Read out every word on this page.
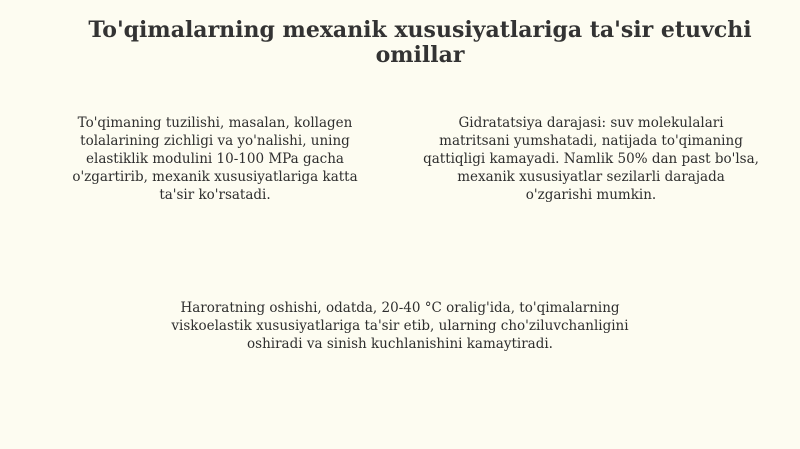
To'qimalarning mexanik xususiyatlariga ta'sir etuvchi omillar

To'qimaning tuzilishi, masalan, kollagen tolalarining zichligi va yo'nalishi, uning elastiklik modulini 10-100 MPa gacha o'zgartirib, mexanik xususiyatlariga katta ta'sir ko'rsatadi.

Gidratatsiya darajasi: suv molekulalari matritsani yumshatadi, natijada to'qimaning qattiqligi kamayadi. Namlik 50% dan past bo'lsa, mexanik xususiyatlar sezilarli darajada o'zgarishi mumkin.

Haroratning oshishi, odatda, 20-40 °C oralig'ida, to'qimalarning viskoelastik xususiyatlariga ta'sir etib, ularning cho'ziluvchanligini oshiradi va sinish kuchlanishini kamaytiradi.
